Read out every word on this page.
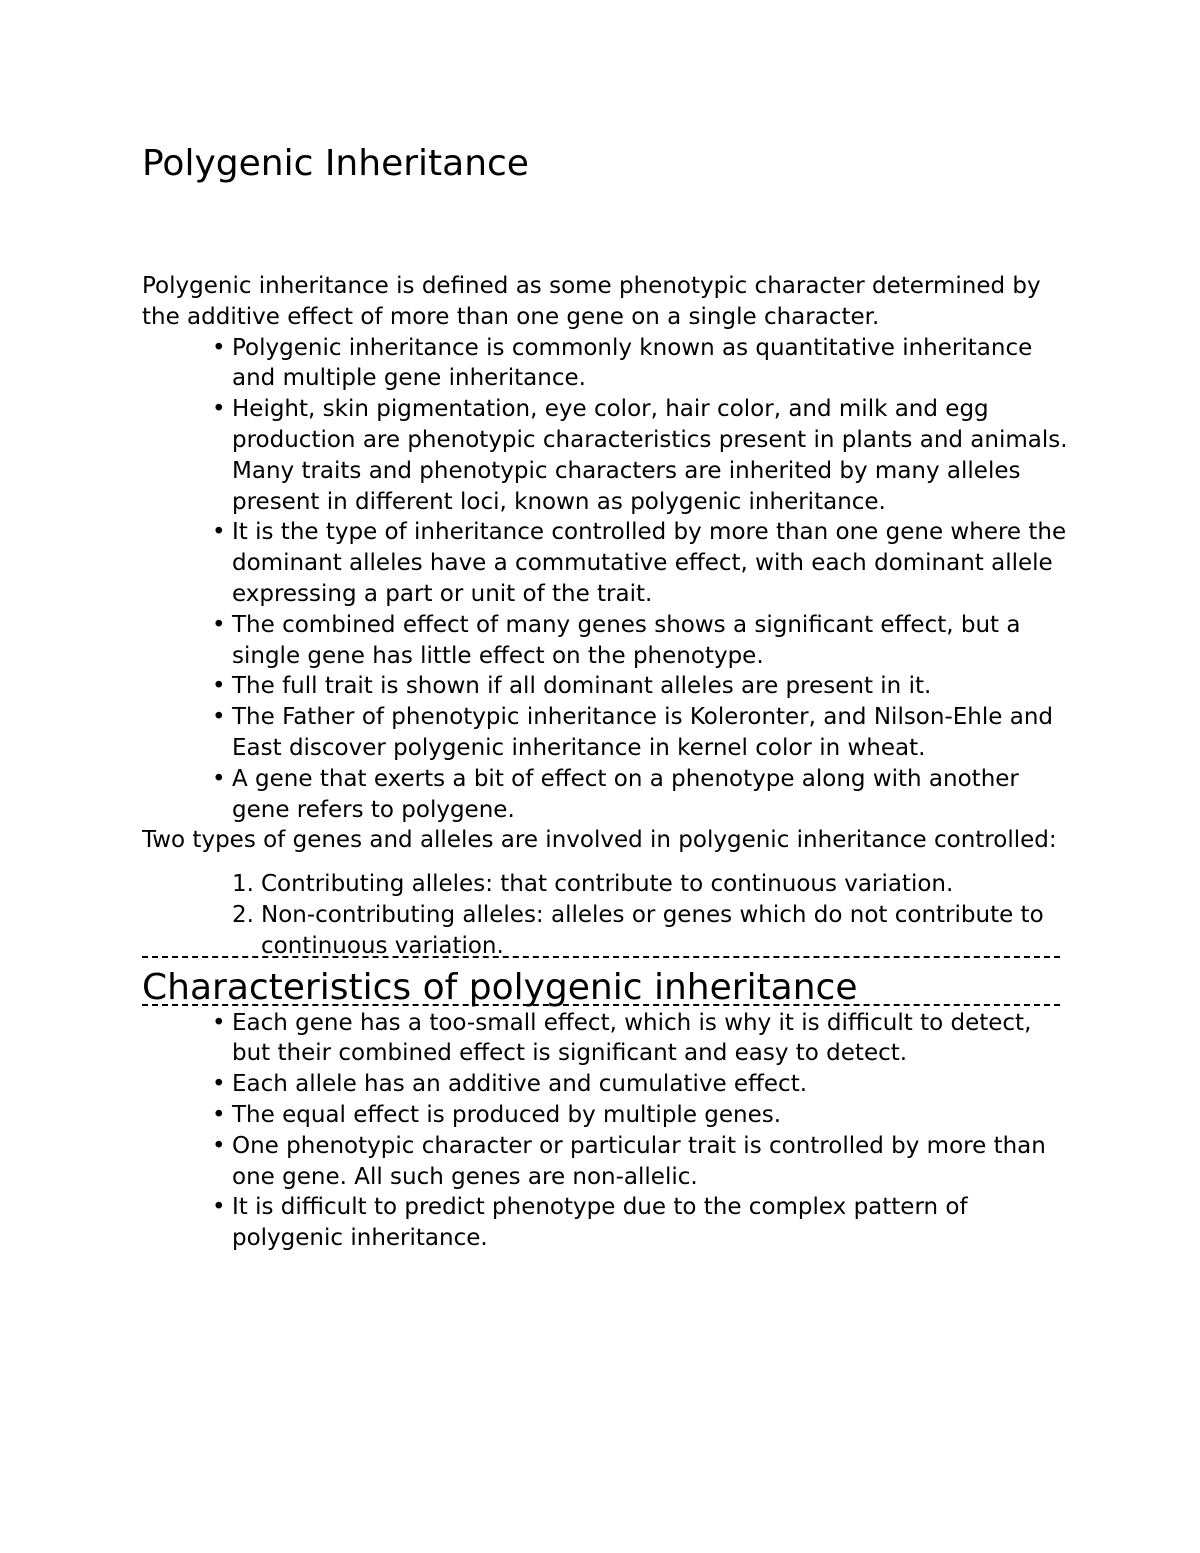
Polygenic Inheritance

Polygenic inheritance is defined as some phenotypic character determined by the additive effect of more than one gene on a single character.

• Polygenic inheritance is commonly known as quantitative inheritance and multiple gene inheritance.
• Height, skin pigmentation, eye color, hair color, and milk and egg production are phenotypic characteristics present in plants and animals. Many traits and phenotypic characters are inherited by many alleles present in different loci, known as polygenic inheritance.
• It is the type of inheritance controlled by more than one gene where the dominant alleles have a commutative effect, with each dominant allele expressing a part or unit of the trait.
• The combined effect of many genes shows a significant effect, but a single gene has little effect on the phenotype.
• The full trait is shown if all dominant alleles are present in it.
• The Father of phenotypic inheritance is Koleronter, and Nilson-Ehle and East discover polygenic inheritance in kernel color in wheat.
• A gene that exerts a bit of effect on a phenotype along with another gene refers to polygene.

Two types of genes and alleles are involved in polygenic inheritance controlled:

1. Contributing alleles: that contribute to continuous variation.
2. Non-contributing alleles: alleles or genes which do not contribute to continuous variation.
Characteristics of polygenic inheritance
• Each gene has a too-small effect, which is why it is difficult to detect, but their combined effect is significant and easy to detect.
• Each allele has an additive and cumulative effect.
• The equal effect is produced by multiple genes.
• One phenotypic character or particular trait is controlled by more than one gene. All such genes are non-allelic.
• It is difficult to predict phenotype due to the complex pattern of polygenic inheritance.
